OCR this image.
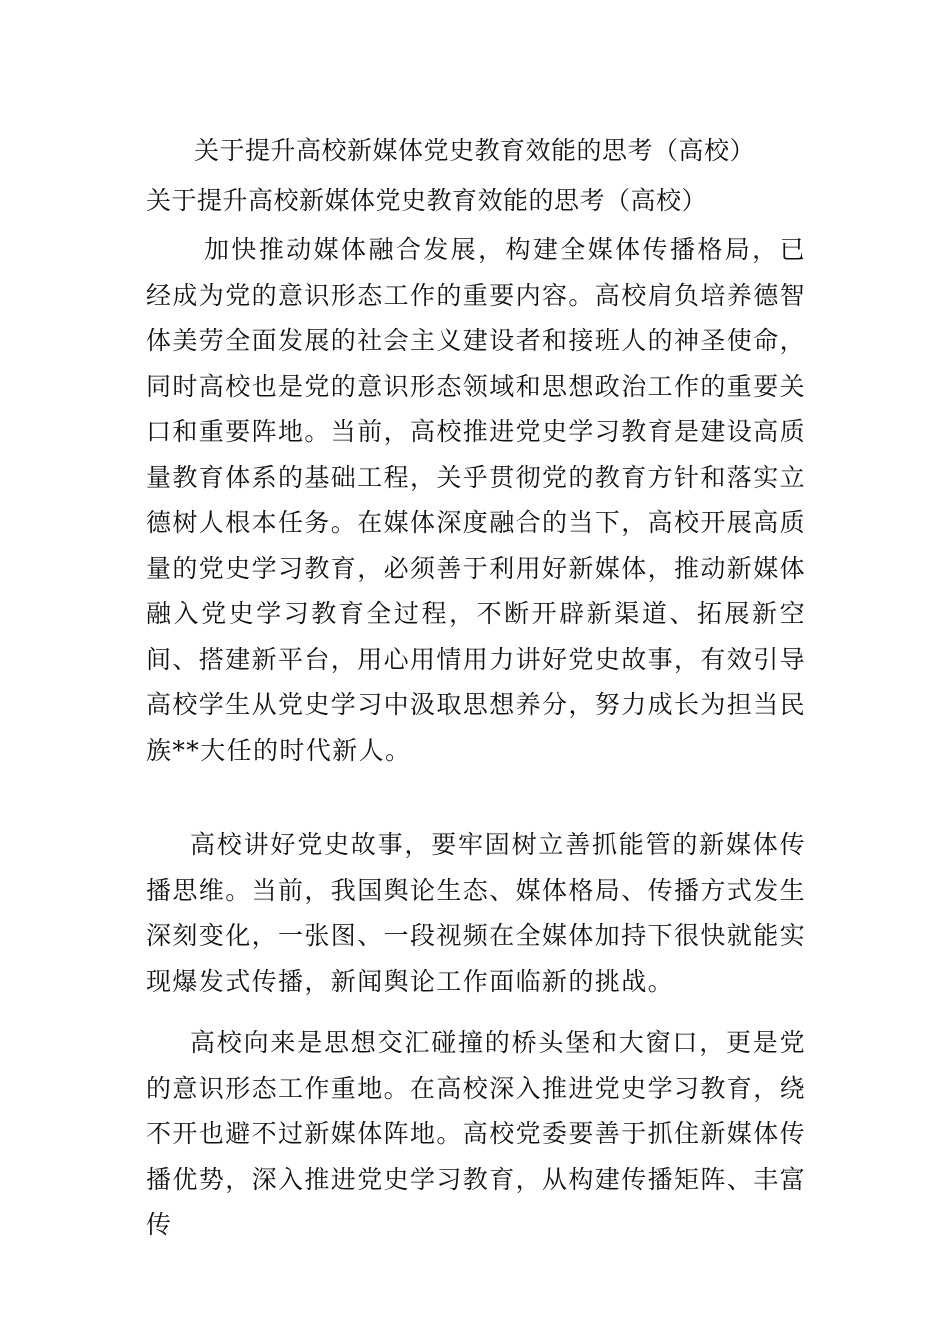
关于提升高校新媒体党史教育效能的思考（高校）
关于提升高校新媒体党史教育效能的思考（高校）

加快推动媒体融合发展，构建全媒体传播格局，已经成为党的意识形态工作的重要内容。高校肩负培养德智体美劳全面发展的社会主义建设者和接班人的神圣使命，同时高校也是党的意识形态领域和思想政治工作的重要关口和重要阵地。当前，高校推进党史学习教育是建设高质量教育体系的基础工程，关乎贯彻党的教育方针和落实立德树人根本任务。在媒体深度融合的当下，高校开展高质量的党史学习教育，必须善于利用好新媒体，推动新媒体融入党史学习教育全过程，不断开辟新渠道、拓展新空间、搭建新平台，用心用情用力讲好党史故事，有效引导高校学生从党史学习中汲取思想养分，努力成长为担当民族**大任的时代新人。

高校讲好党史故事，要牢固树立善抓能管的新媒体传播思维。当前，我国舆论生态、媒体格局、传播方式发生深刻变化，一张图、一段视频在全媒体加持下很快就能实现爆发式传播，新闻舆论工作面临新的挑战。

高校向来是思想交汇碰撞的桥头堡和大窗口，更是党的意识形态工作重地。在高校深入推进党史学习教育，绕不开也避不过新媒体阵地。高校党委要善于抓住新媒体传播优势，深入推进党史学习教育，从构建传播矩阵、丰富传
